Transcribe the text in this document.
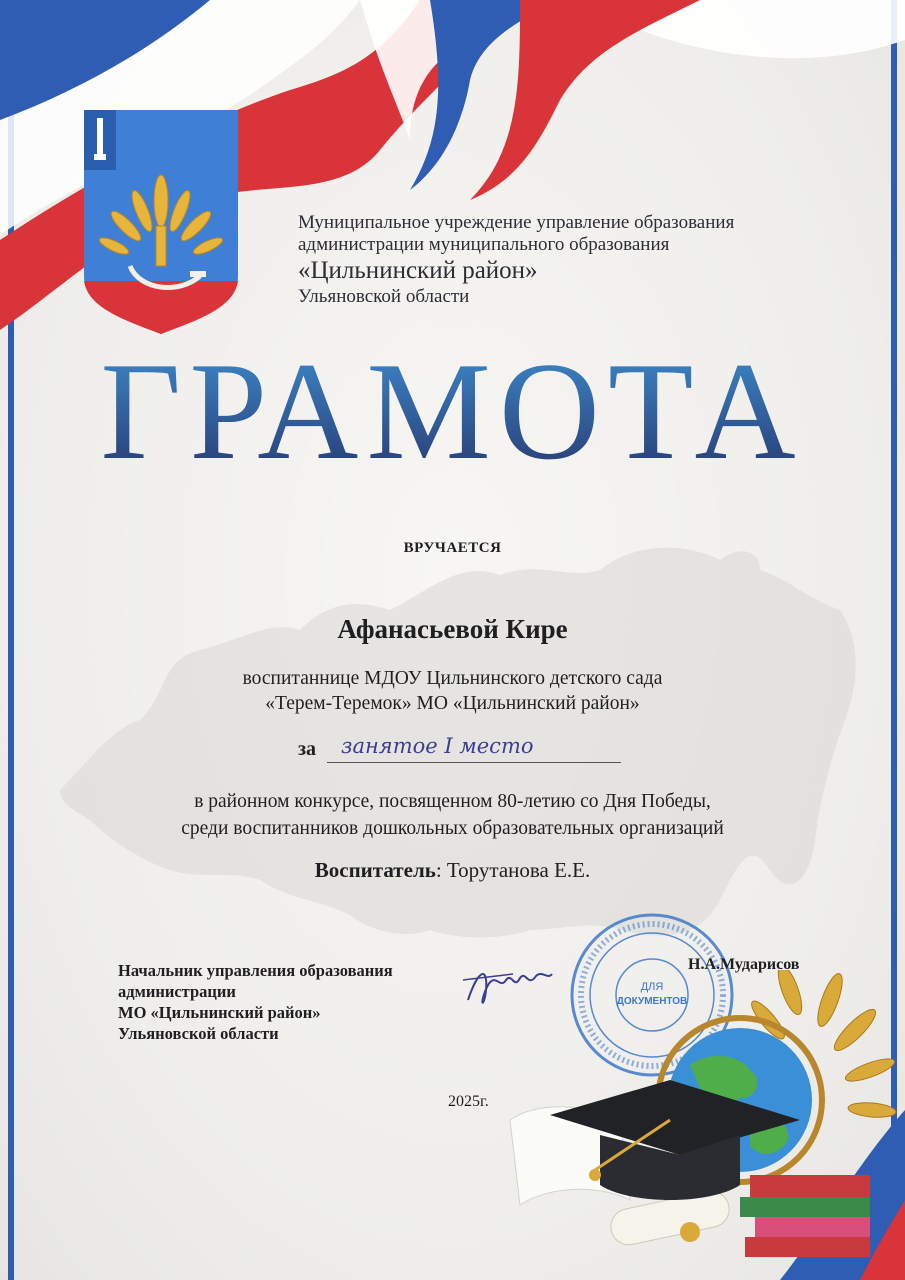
Муниципальное учреждение управление образования
администрации муниципального образования
«Цильнинский район»
Ульяновской области
ГРАМОТА
ВРУЧАЕТСЯ
Афанасьевой Кире
воспитаннице МДОУ Цильнинского детского сада
«Терем-Теремок» МО «Цильнинский район»
за	занятое I место
в районном конкурсе, посвященном 80-летию со Дня Победы,
среди воспитанников дошкольных образовательных организаций
Воспитатель: Торутанова Е.Е.
Начальник управления образования
администрации
МО «Цильнинский район»
Ульяновской области
ДЛЯ
ДОКУМЕНТОВ
Н.А.Мударисов
2025г.
